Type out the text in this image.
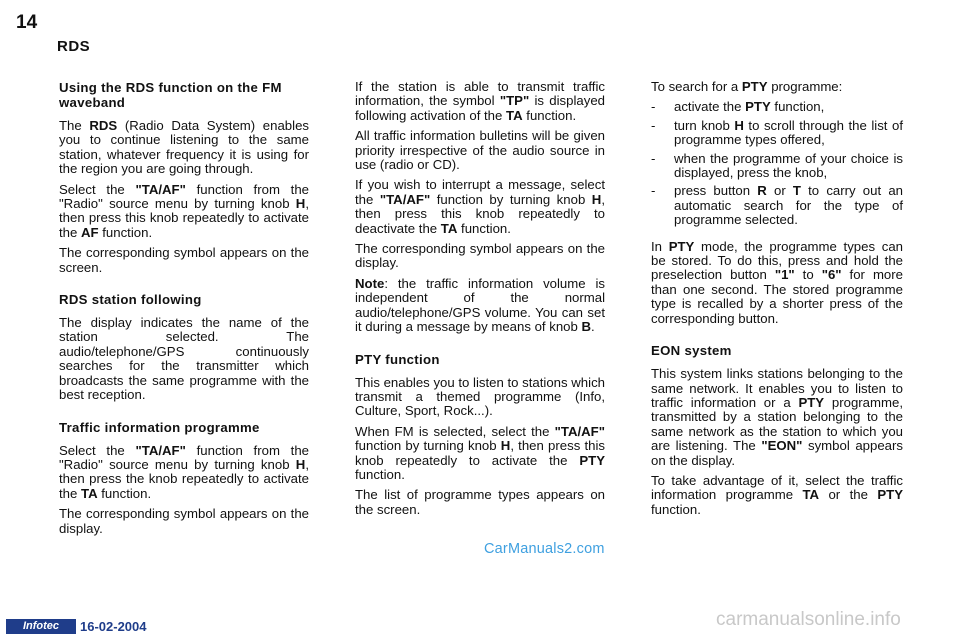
14
RDS
Using the RDS function on the FM waveband

The RDS (Radio Data System) enables you to continue listening to the same station, whatever frequency it is using for the region you are going through.

Select the "TA/AF" function from the "Radio" source menu by turning knob H, then press this knob repeatedly to activate the AF function.

The corresponding symbol appears on the screen.

RDS station following

The display indicates the name of the station selected. The audio/telephone/GPS continuously searches for the transmitter which broadcasts the same programme with the best reception.

Traffic information programme

Select the "TA/AF" function from the "Radio" source menu by turning knob H, then press the knob repeatedly to activate the TA function.

The corresponding symbol appears on the display.

If the station is able to transmit traffic information, the symbol "TP" is displayed following activation of the TA function.

All traffic information bulletins will be given priority irrespective of the audio source in use (radio or CD).

If you wish to interrupt a message, select the "TA/AF" function by turning knob H, then press this knob repeatedly to deactivate the TA function.

The corresponding symbol appears on the display.

Note: the traffic information volume is independent of the normal audio/telephone/GPS volume. You can set it during a message by means of knob B.

PTY function

This enables you to listen to stations which transmit a themed programme (Info, Culture, Sport, Rock...).

When FM is selected, select the "TA/AF" function by turning knob H, then press this knob repeatedly to activate the PTY function.

The list of programme types appears on the screen.

To search for a PTY programme:

- activate the PTY function,
- turn knob H to scroll through the list of programme types offered,
- when the programme of your choice is displayed, press the knob,
- press button R or T to carry out an automatic search for the type of programme selected.

In PTY mode, the programme types can be stored. To do this, press and hold the preselection button "1" to "6" for more than one second. The stored programme type is recalled by a shorter press of the corresponding button.

EON system

This system links stations belonging to the same network. It enables you to listen to traffic information or a PTY programme, transmitted by a station belonging to the same network as the station to which you are listening. The "EON" symbol appears on the display.

To take advantage of it, select the traffic information programme TA or the PTY function.

CarManuals2.com
Infotec	16-02-2004	carmanualsonline.info
